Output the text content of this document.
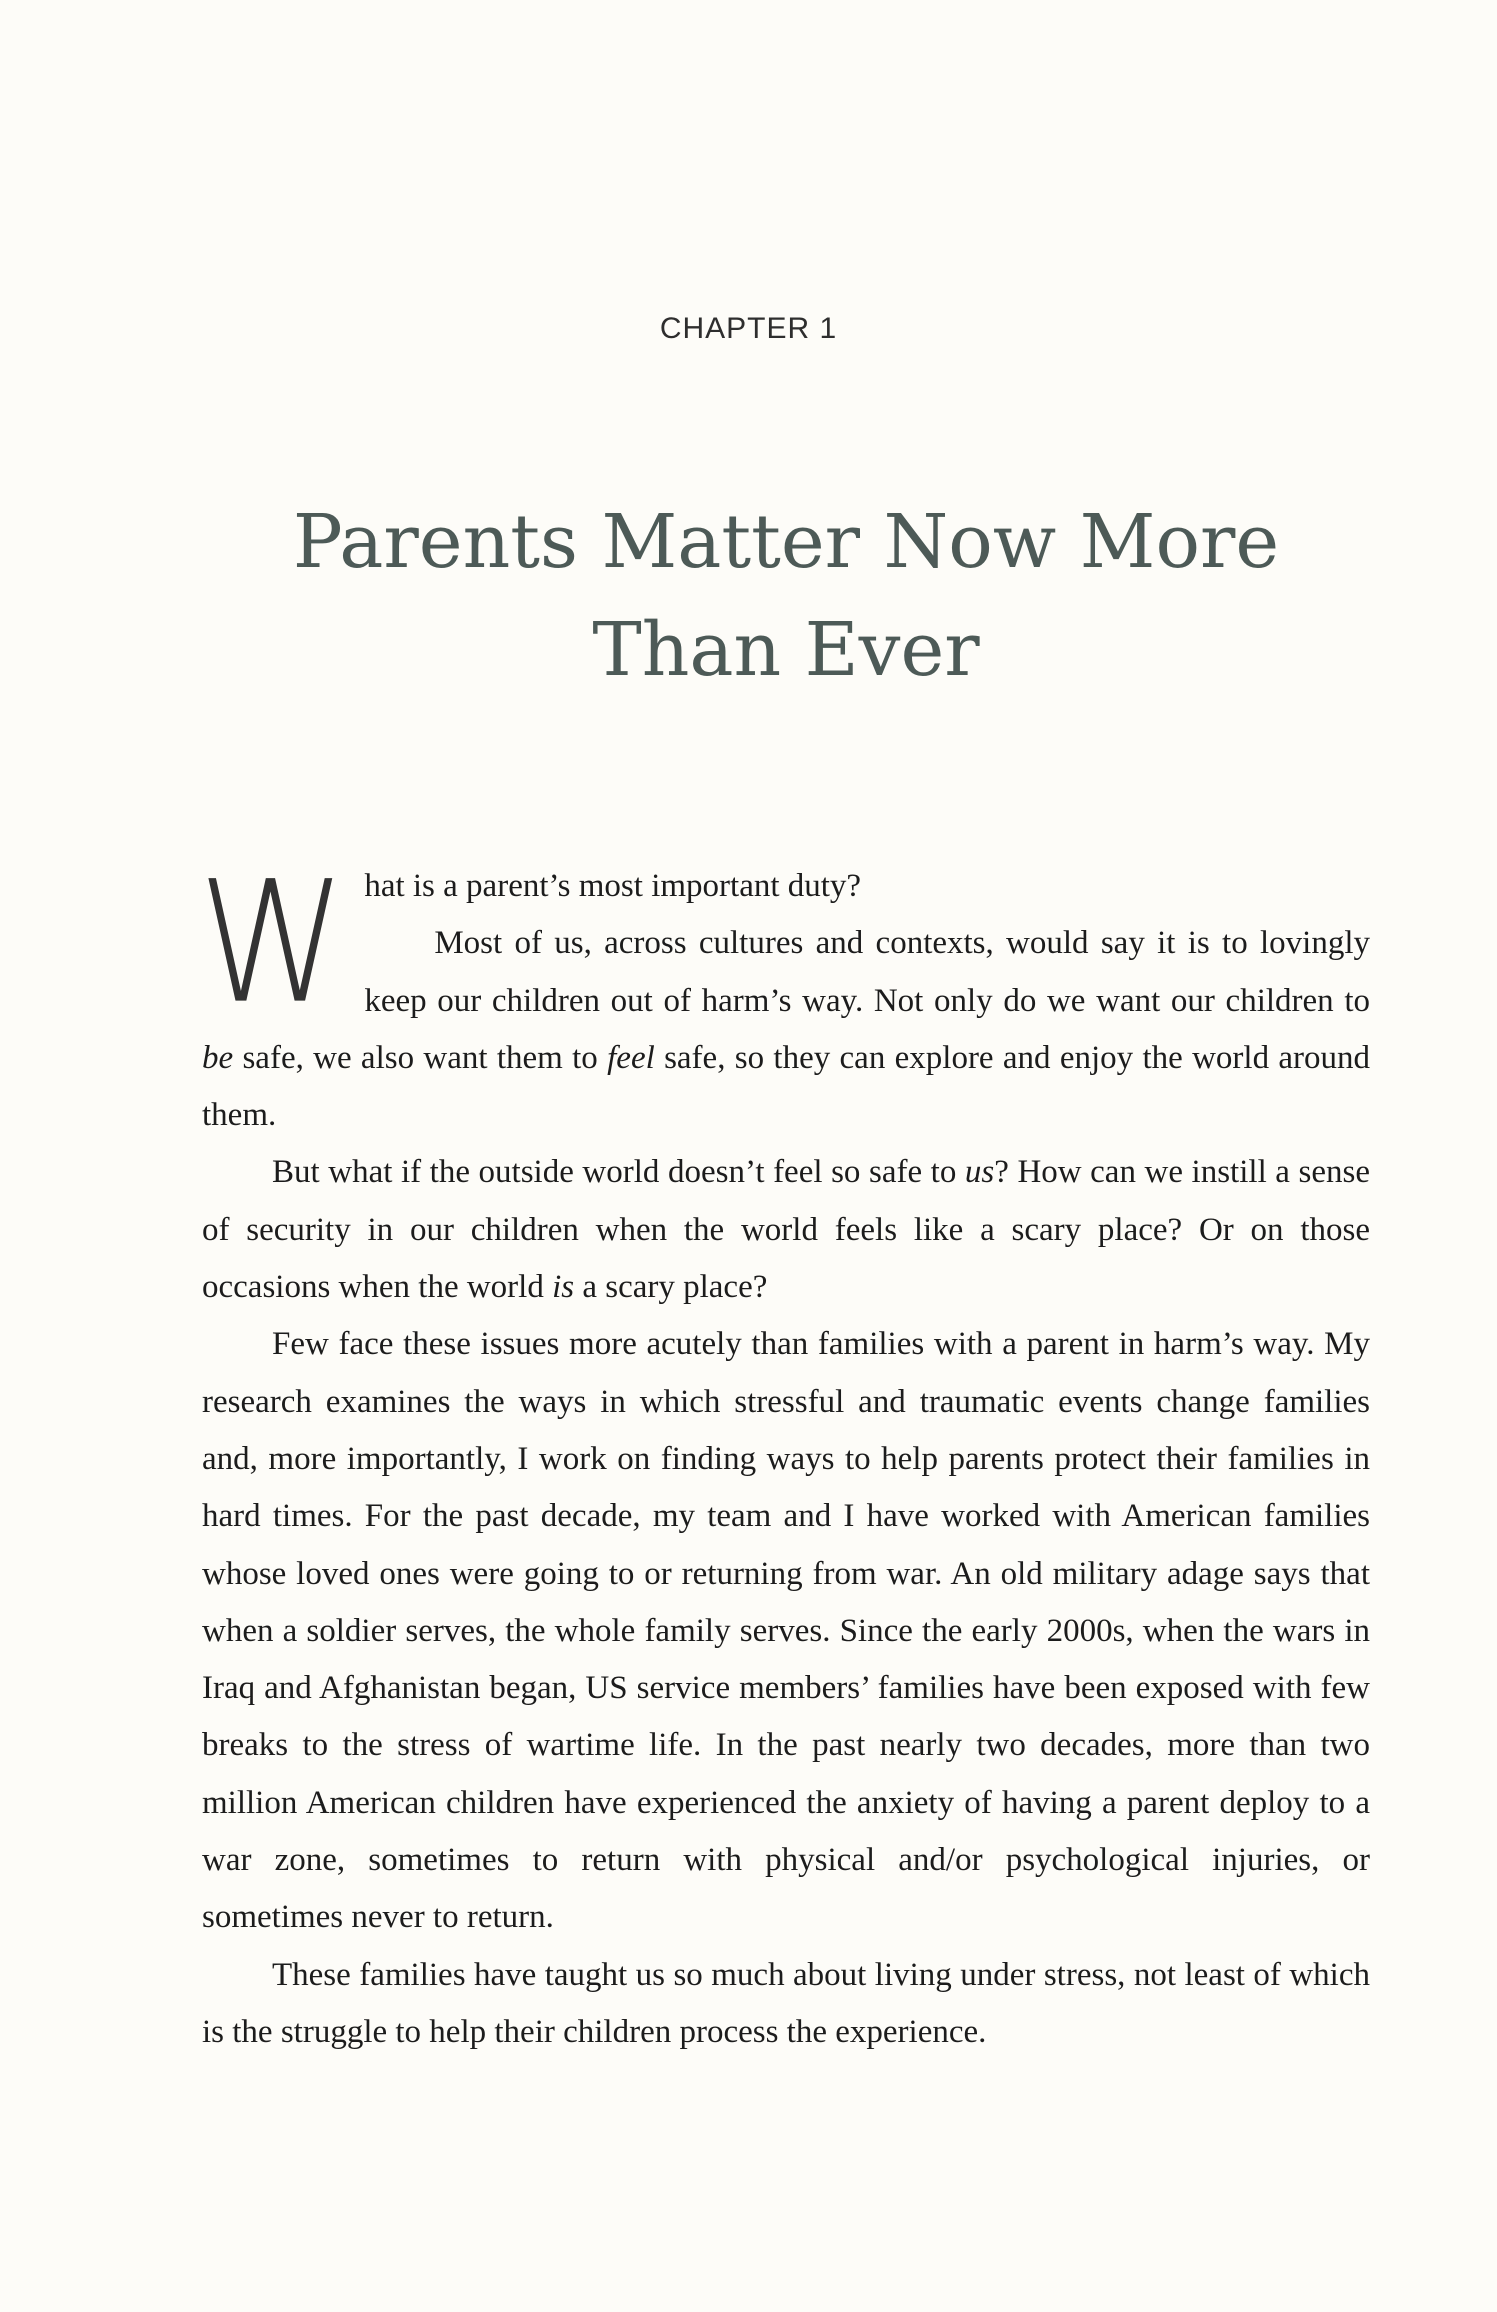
CHAPTER 1
Parents Matter Now More
Than Ever
W hat is a parent’s most important duty?

Most of us, across cultures and contexts, would say it is to lovingly keep our children out of harm’s way. Not only do we want our children to be safe, we also want them to feel safe, so they can explore and enjoy the world around them.

But what if the outside world doesn’t feel so safe to us? How can we instill a sense of security in our children when the world feels like a scary place? Or on those occasions when the world is a scary place?

Few face these issues more acutely than families with a parent in harm’s way. My research examines the ways in which stressful and traumatic events change families and, more importantly, I work on finding ways to help parents protect their families in hard times. For the past decade, my team and I have worked with American families whose loved ones were going to or returning from war. An old military adage says that when a soldier serves, the whole family serves. Since the early 2000s, when the wars in Iraq and Afghanistan began, US service members’ families have been exposed with few breaks to the stress of wartime life. In the past nearly two decades, more than two million American children have experienced the anxiety of having a parent deploy to a war zone, sometimes to return with physical and/or psychological injuries, or sometimes never to return.

These families have taught us so much about living under stress, not least of which is the struggle to help their children process the experience.
